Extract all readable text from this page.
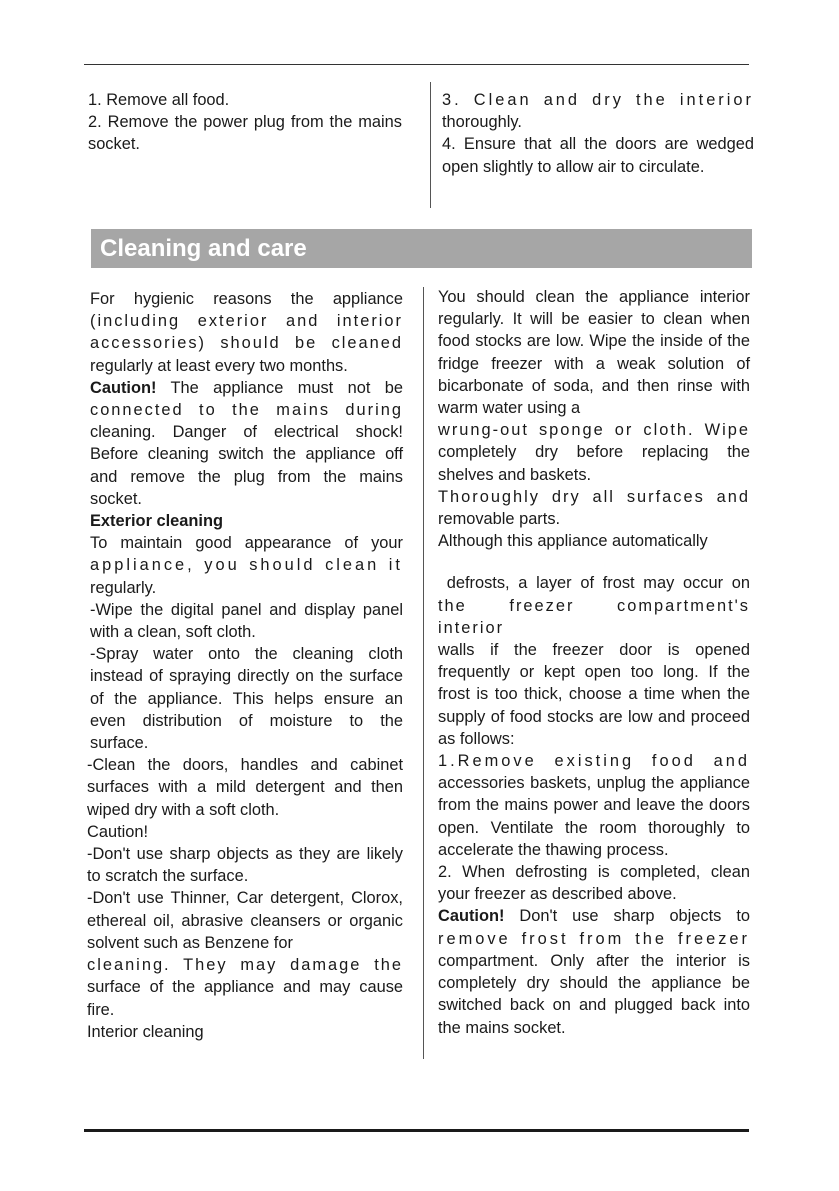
1. Remove all food.

2. Remove the power plug from the mains socket.

3. Clean and dry the interior

thoroughly.

4. Ensure that all the doors are wedged open slightly to allow air to circulate.

Cleaning and care

For hygienic reasons the appliance

(including exterior and interior

accessories) should be cleaned

regularly at least every two months.

Caution! The appliance must not be

connected to the mains during

cleaning. Danger of electrical shock! Before cleaning switch the appliance off and remove the plug from the mains socket.

Exterior cleaning

To maintain good appearance of your

appliance, you should clean it

regularly.

-Wipe the digital panel and display panel with a clean, soft cloth.

-Spray water onto the cleaning cloth instead of spraying directly on the surface of the appliance. This helps ensure an even distribution of moisture to the surface.

-Clean the doors, handles and cabinet surfaces with a mild detergent and then wiped dry with a soft cloth.

Caution!

-Don't use sharp objects as they are likely to scratch the surface.

-Don't use Thinner, Car detergent, Clorox, ethereal oil, abrasive cleansers or organic solvent such as Benzene for

cleaning. They may damage the

surface of the appliance and may cause fire.

Interior cleaning

You should clean the appliance interior regularly. It will be easier to clean when food stocks are low. Wipe the inside of the fridge freezer with a weak solution of bicarbonate of soda, and then rinse with warm water using a

wrung-out sponge or cloth. Wipe

completely dry before replacing the shelves and baskets.

Thoroughly dry all surfaces and

removable parts.

Although this appliance automatically

defrosts, a layer of frost may occur on

the freezer compartment's interior

walls if the freezer door is opened frequently or kept open too long. If the frost is too thick, choose a time when the supply of food stocks are low and proceed as follows:

1.Remove existing food and

accessories baskets, unplug the appliance from the mains power and leave the doors open. Ventilate the room thoroughly to accelerate the thawing process.

2. When defrosting is completed, clean your freezer as described above.

Caution! Don't use sharp objects to

remove frost from the freezer

compartment. Only after the interior is completely dry should the appliance be switched back on and plugged back into the mains socket.
